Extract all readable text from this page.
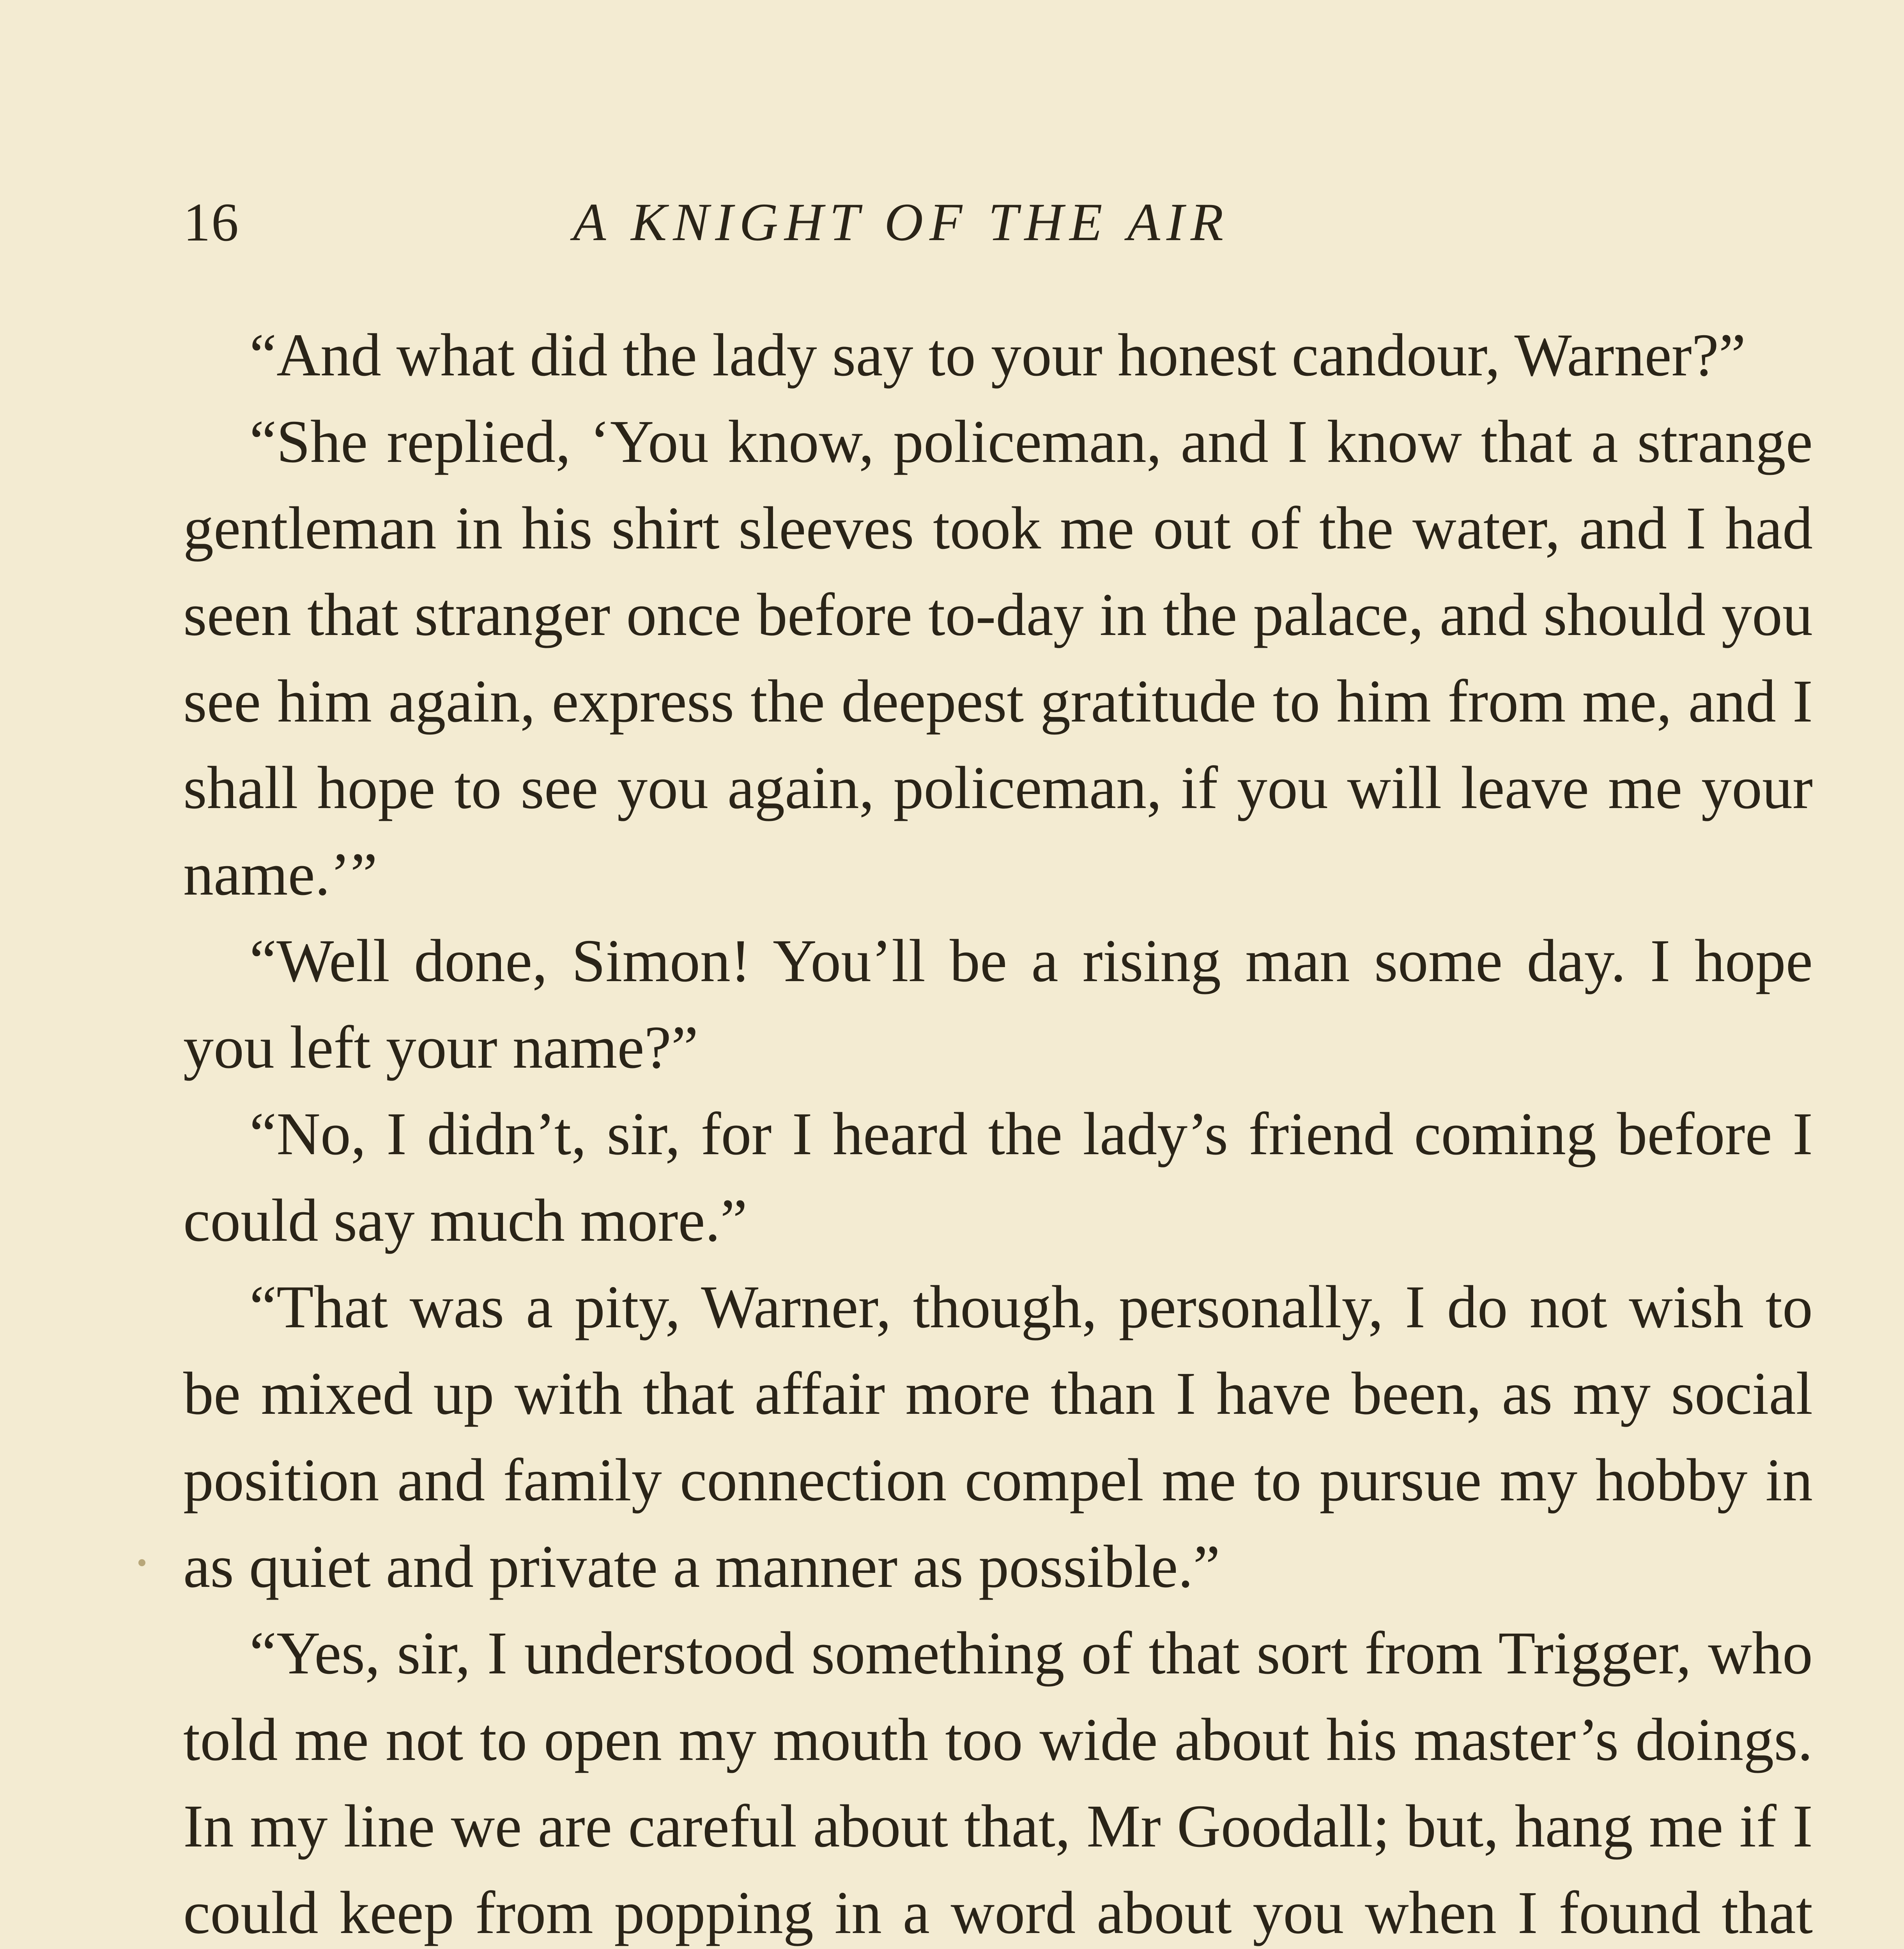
16	A KNIGHT OF THE AIR

“And what did the lady say to your honest candour, Warner?”

“She replied, ‘You know, policeman, and I know that a strange gentleman in his shirt sleeves took me out of the water, and I had seen that stranger once before to-day in the palace, and should you see him again, express the deepest gratitude to him from me, and I shall hope to see you again, policeman, if you will leave me your name.’”

“Well done, Simon! You’ll be a rising man some day. I hope you left your name?”

“No, I didn’t, sir, for I heard the lady’s friend coming before I could say much more.”

“That was a pity, Warner, though, personally, I do not wish to be mixed up with that affair more than I have been, as my social position and family connection compel me to pursue my hobby in as quiet and private a manner as possible.”

“Yes, sir, I understood something of that sort from Trigger, who told me not to open my mouth too wide about his master’s doings. In my line we are careful about that, Mr Goodall; but, hang me if I could keep from popping in a word about you when I found that
